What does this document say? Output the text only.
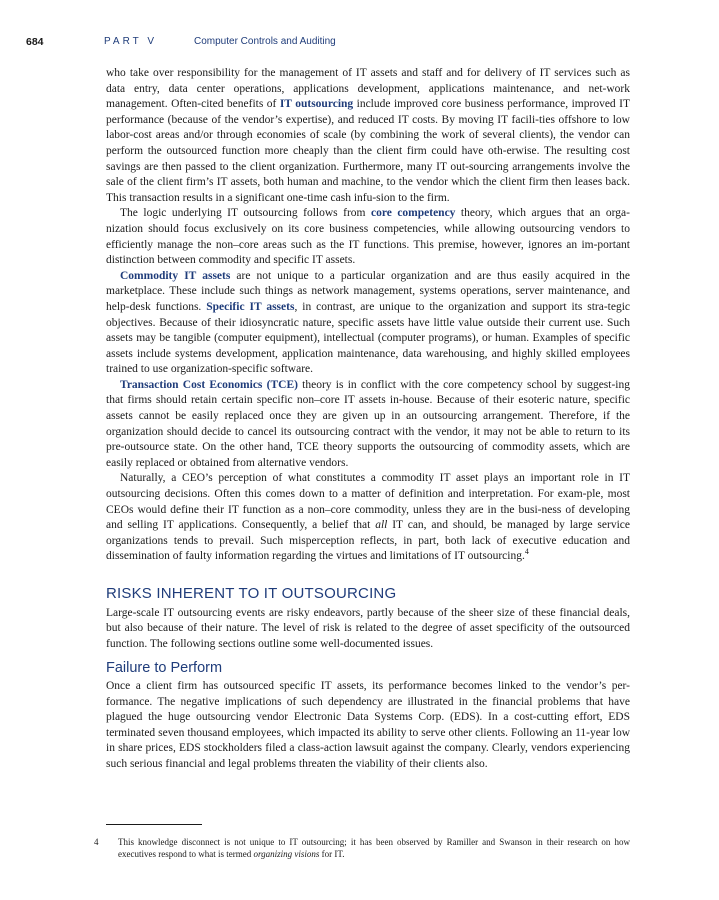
684	PART V	Computer Controls and Auditing

who take over responsibility for the management of IT assets and staff and for delivery of IT services such as data entry, data center operations, applications development, applications maintenance, and net-work management. Often-cited benefits of IT outsourcing include improved core business performance, improved IT performance (because of the vendor’s expertise), and reduced IT costs. By moving IT facili-ties offshore to low labor-cost areas and/or through economies of scale (by combining the work of several clients), the vendor can perform the outsourced function more cheaply than the client firm could have oth-erwise. The resulting cost savings are then passed to the client organization. Furthermore, many IT out-sourcing arrangements involve the sale of the client firm’s IT assets, both human and machine, to the vendor which the client firm then leases back. This transaction results in a significant one-time cash infu-sion to the firm.

The logic underlying IT outsourcing follows from core competency theory, which argues that an orga-nization should focus exclusively on its core business competencies, while allowing outsourcing vendors to efficiently manage the non–core areas such as the IT functions. This premise, however, ignores an im-portant distinction between commodity and specific IT assets.

Commodity IT assets are not unique to a particular organization and are thus easily acquired in the marketplace. These include such things as network management, systems operations, server maintenance, and help-desk functions. Specific IT assets, in contrast, are unique to the organization and support its stra-tegic objectives. Because of their idiosyncratic nature, specific assets have little value outside their current use. Such assets may be tangible (computer equipment), intellectual (computer programs), or human. Examples of specific assets include systems development, application maintenance, data warehousing, and highly skilled employees trained to use organization-specific software.

Transaction Cost Economics (TCE) theory is in conflict with the core competency school by suggest-ing that firms should retain certain specific non–core IT assets in-house. Because of their esoteric nature, specific assets cannot be easily replaced once they are given up in an outsourcing arrangement. Therefore, if the organization should decide to cancel its outsourcing contract with the vendor, it may not be able to return to its pre-outsource state. On the other hand, TCE theory supports the outsourcing of commodity assets, which are easily replaced or obtained from alternative vendors.

Naturally, a CEO’s perception of what constitutes a commodity IT asset plays an important role in IT outsourcing decisions. Often this comes down to a matter of definition and interpretation. For exam-ple, most CEOs would define their IT function as a non–core commodity, unless they are in the busi-ness of developing and selling IT applications. Consequently, a belief that all IT can, and should, be managed by large service organizations tends to prevail. Such misperception reflects, in part, both lack of executive education and dissemination of faulty information regarding the virtues and limitations of IT outsourcing.$^4$

RISKS INHERENT TO IT OUTSOURCING

Large-scale IT outsourcing events are risky endeavors, partly because of the sheer size of these financial deals, but also because of their nature. The level of risk is related to the degree of asset specificity of the outsourced function. The following sections outline some well-documented issues.

Failure to Perform

Once a client firm has outsourced specific IT assets, its performance becomes linked to the vendor’s per-formance. The negative implications of such dependency are illustrated in the financial problems that have plagued the huge outsourcing vendor Electronic Data Systems Corp. (EDS). In a cost-cutting effort, EDS terminated seven thousand employees, which impacted its ability to serve other clients. Following an 11-year low in share prices, EDS stockholders filed a class-action lawsuit against the company. Clearly, vendors experiencing such serious financial and legal problems threaten the viability of their clients also.

4 This knowledge disconnect is not unique to IT outsourcing; it has been observed by Ramiller and Swanson in their research on how executives respond to what is termed organizing visions for IT.
